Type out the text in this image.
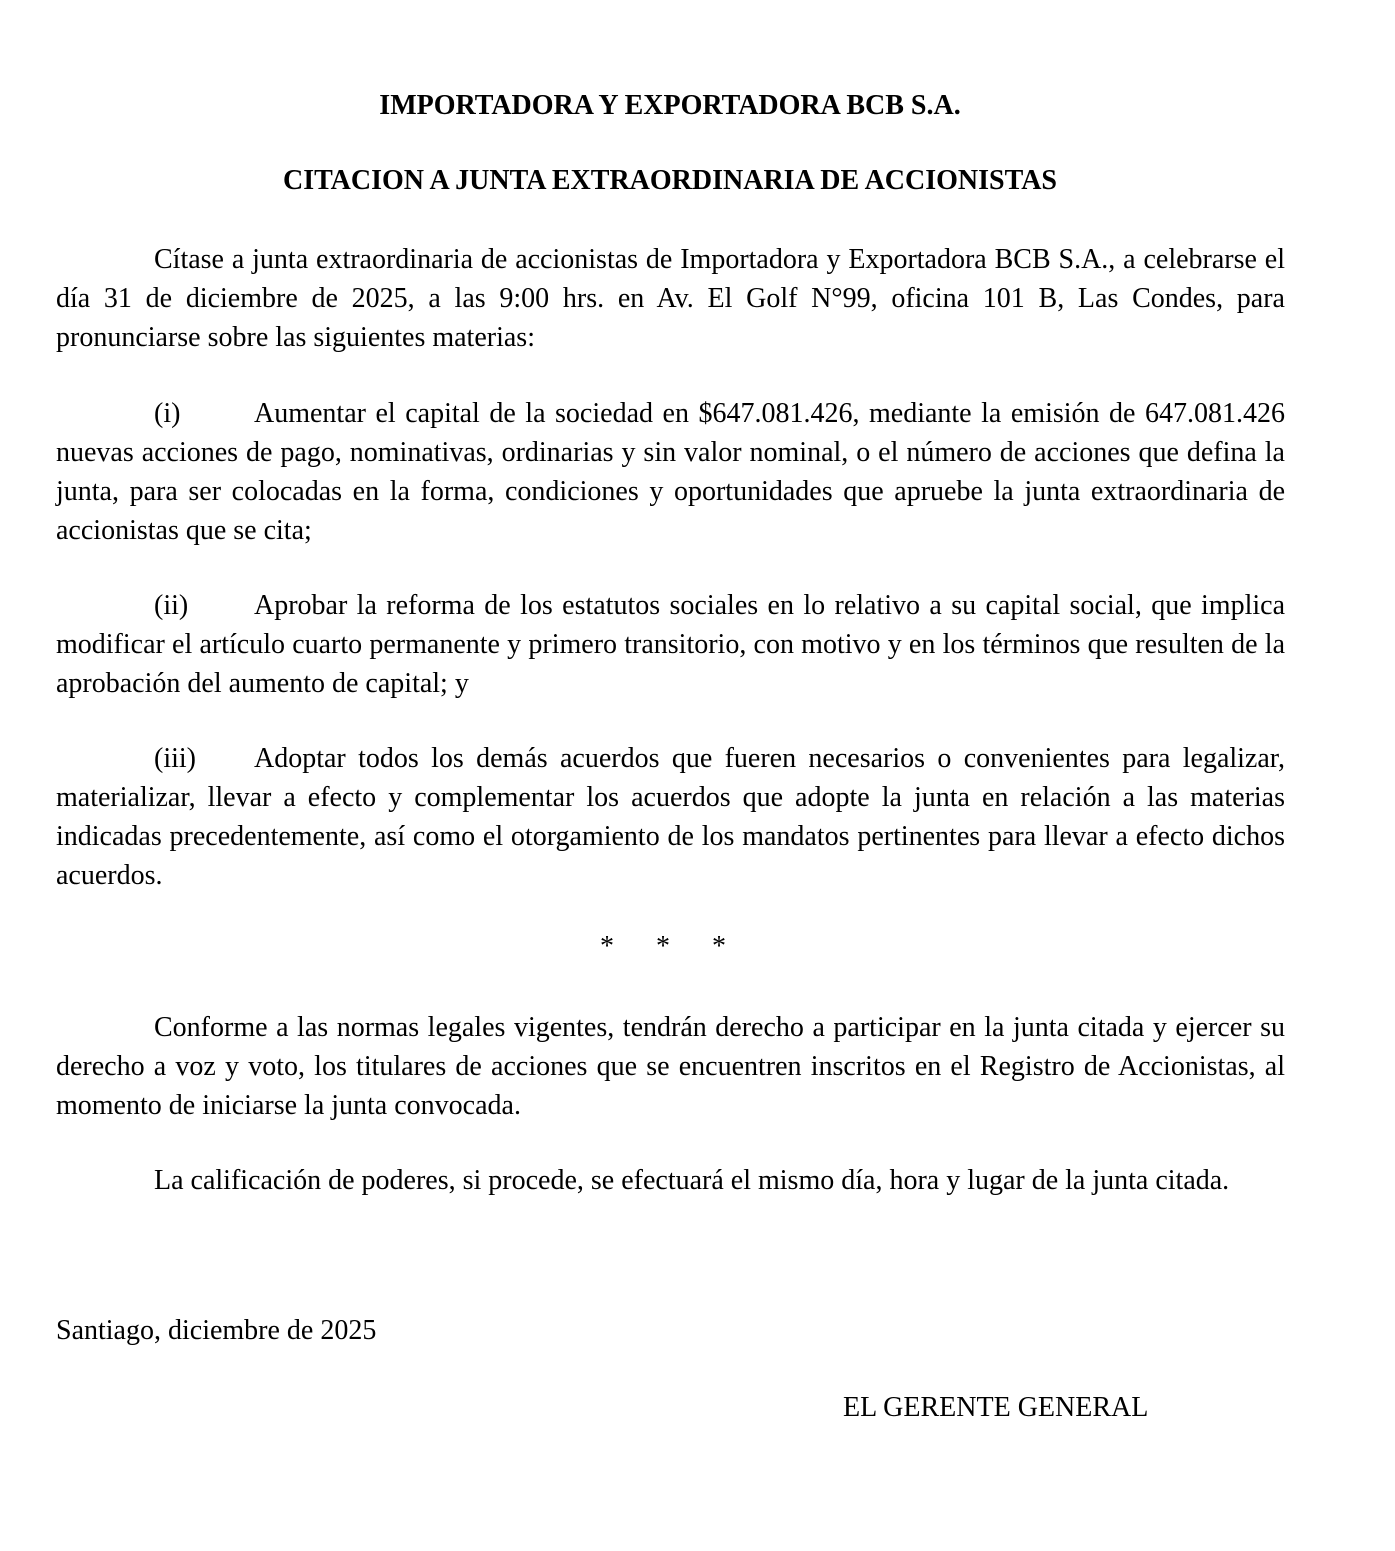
IMPORTADORA Y EXPORTADORA BCB S.A.
CITACION A JUNTA EXTRAORDINARIA DE ACCIONISTAS

Cítase a junta extraordinaria de accionistas de Importadora y Exportadora BCB S.A., a celebrarse el día 31 de diciembre de 2025, a las 9:00 hrs. en Av. El Golf N°99, oficina 101 B, Las Condes, para pronunciarse sobre las siguientes materias:

(i)	Aumentar el capital de la sociedad en $647.081.426, mediante la emisión de 647.081.426 nuevas acciones de pago, nominativas, ordinarias y sin valor nominal, o el número de acciones que defina la junta, para ser colocadas en la forma, condiciones y oportunidades que apruebe la junta extraordinaria de accionistas que se cita;

(ii) Aprobar la reforma de los estatutos sociales en lo relativo a su capital social, que implica modificar el artículo cuarto permanente y primero transitorio, con motivo y en los términos que resulten de la aprobación del aumento de capital; y

(iii) Adoptar todos los demás acuerdos que fueren necesarios o convenientes para legalizar, materializar, llevar a efecto y complementar los acuerdos que adopte la junta en relación a las materias indicadas precedentemente, así como el otorgamiento de los mandatos pertinentes para llevar a efecto dichos acuerdos.

*      *      *

Conforme a las normas legales vigentes, tendrán derecho a participar en la junta citada y ejercer su derecho a voz y voto, los titulares de acciones que se encuentren inscritos en el Registro de Accionistas, al momento de iniciarse la junta convocada.

La calificación de poderes, si procede, se efectuará el mismo día, hora y lugar de la junta citada.

Santiago, diciembre de 2025
EL GERENTE GENERAL
